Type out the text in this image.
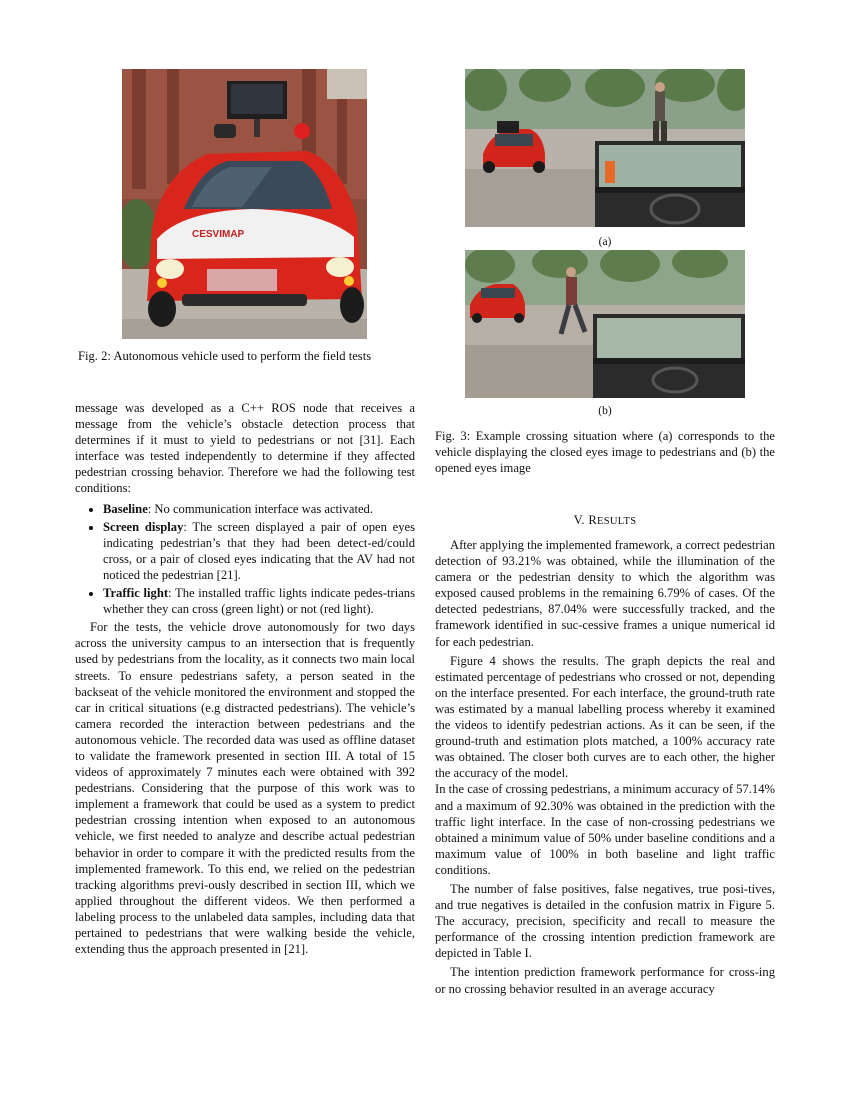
CESVIMAP

Fig. 2: Autonomous vehicle used to perform the field tests

message was developed as a C++ ROS node that receives a message from the vehicle’s obstacle detection process that determines if it must to yield to pedestrians or not [31]. Each interface was tested independently to determine if they affected pedestrian crossing behavior. Therefore we had the following test conditions:

• Baseline: No communication interface was activated.
• Screen display: The screen displayed a pair of open eyes indicating pedestrian’s that they had been detect-ed/could cross, or a pair of closed eyes indicating that the AV had not noticed the pedestrian [21].
• Traffic light: The installed traffic lights indicate pedes-trians whether they can cross (green light) or not (red light).

For the tests, the vehicle drove autonomously for two days across the university campus to an intersection that is frequently used by pedestrians from the locality, as it connects two main local streets. To ensure pedestrians safety, a person seated in the backseat of the vehicle monitored the environment and stopped the car in critical situations (e.g distracted pedestrians). The vehicle’s camera recorded the interaction between pedestrians and the autonomous vehicle. The recorded data was used as offline dataset to validate the framework presented in section III. A total of 15 videos of approximately 7 minutes each were obtained with 392 pedestrians. Considering that the purpose of this work was to implement a framework that could be used as a system to predict pedestrian crossing intention when exposed to an autonomous vehicle, we first needed to analyze and describe actual pedestrian behavior in order to compare it with the predicted results from the implemented framework. To this end, we relied on the pedestrian tracking algorithms previ-ously described in section III, which we applied throughout the different videos. We then performed a labeling process to the unlabeled data samples, including data that pertained to pedestrians that were walking beside the vehicle, extending thus the approach presented in [21].

(a)
(b)

Fig. 3: Example crossing situation where (a) corresponds to the vehicle displaying the closed eyes image to pedestrians and (b) the opened eyes image

V. RESULTS

After applying the implemented framework, a correct pedestrian detection of 93.21% was obtained, while the illumination of the camera or the pedestrian density to which the algorithm was exposed caused problems in the remaining 6.79% of cases. Of the detected pedestrians, 87.04% were successfully tracked, and the framework identified in suc-cessive frames a unique numerical id for each pedestrian.

Figure 4 shows the results. The graph depicts the real and estimated percentage of pedestrians who crossed or not, depending on the interface presented. For each interface, the ground-truth rate was estimated by a manual labelling process whereby it examined the videos to identify pedestrian actions. As it can be seen, if the ground-truth and estimation plots matched, a 100% accuracy rate was obtained. The closer both curves are to each other, the higher the accuracy of the model.

In the case of crossing pedestrians, a minimum accuracy of 57.14% and a maximum of 92.30% was obtained in the prediction with the traffic light interface. In the case of non-crossing pedestrians we obtained a minimum value of 50% under baseline conditions and a maximum value of 100% in both baseline and light traffic conditions.

The number of false positives, false negatives, true posi-tives, and true negatives is detailed in the confusion matrix in Figure 5. The accuracy, precision, specificity and recall to measure the performance of the crossing intention prediction framework are depicted in Table I.

The intention prediction framework performance for cross-ing or no crossing behavior resulted in an average accuracy
